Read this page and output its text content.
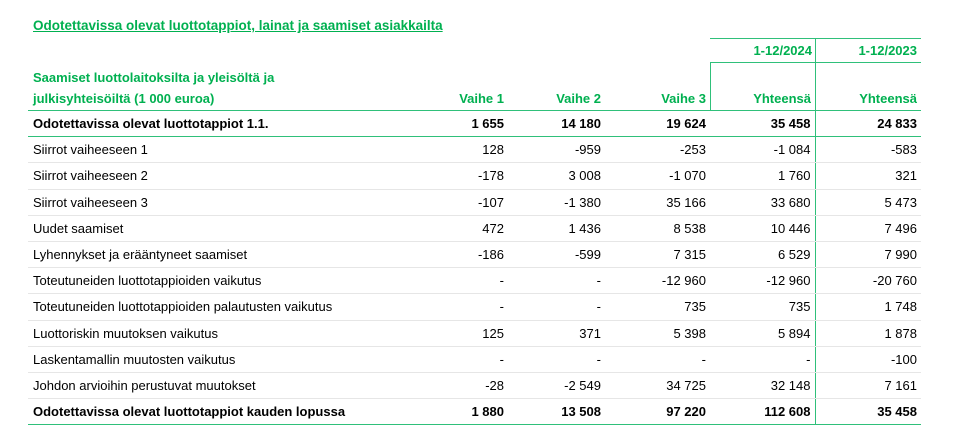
Odotettavissa olevat luottotappiot, lainat ja saamiset asiakkailta
1-12/2024	1-12/2023
Saamiset luottolaitoksilta ja yleisöltä ja julkisyhteisöiltä (1 000 euroa)	Vaihe 1	Vaihe 2	Vaihe 3	Yhteensä	Yhteensä
Odotettavissa olevat luottotappiot 1.1.	1 655	14 180	19 624	35 458	24 833
Siirrot vaiheeseen 1	128	-959	-253	-1 084	-583
Siirrot vaiheeseen 2	-178	3 008	-1 070	1 760	321
Siirrot vaiheeseen 3	-107	-1 380	35 166	33 680	5 473
Uudet saamiset	472	1 436	8 538	10 446	7 496
Lyhennykset ja erääntyneet saamiset	-186	-599	7 315	6 529	7 990
Toteutuneiden luottotappioiden vaikutus	-	-	-12 960	-12 960	-20 760
Toteutuneiden luottotappioiden palautusten vaikutus	-	-	735	735	1 748
Luottoriskin muutoksen vaikutus	125	371	5 398	5 894	1 878
Laskentamallin muutosten vaikutus	-	-	-	-	-100
Johdon arvioihin perustuvat muutokset	-28	-2 549	34 725	32 148	7 161
Odotettavissa olevat luottotappiot kauden lopussa	1 880	13 508	97 220	112 608	35 458
